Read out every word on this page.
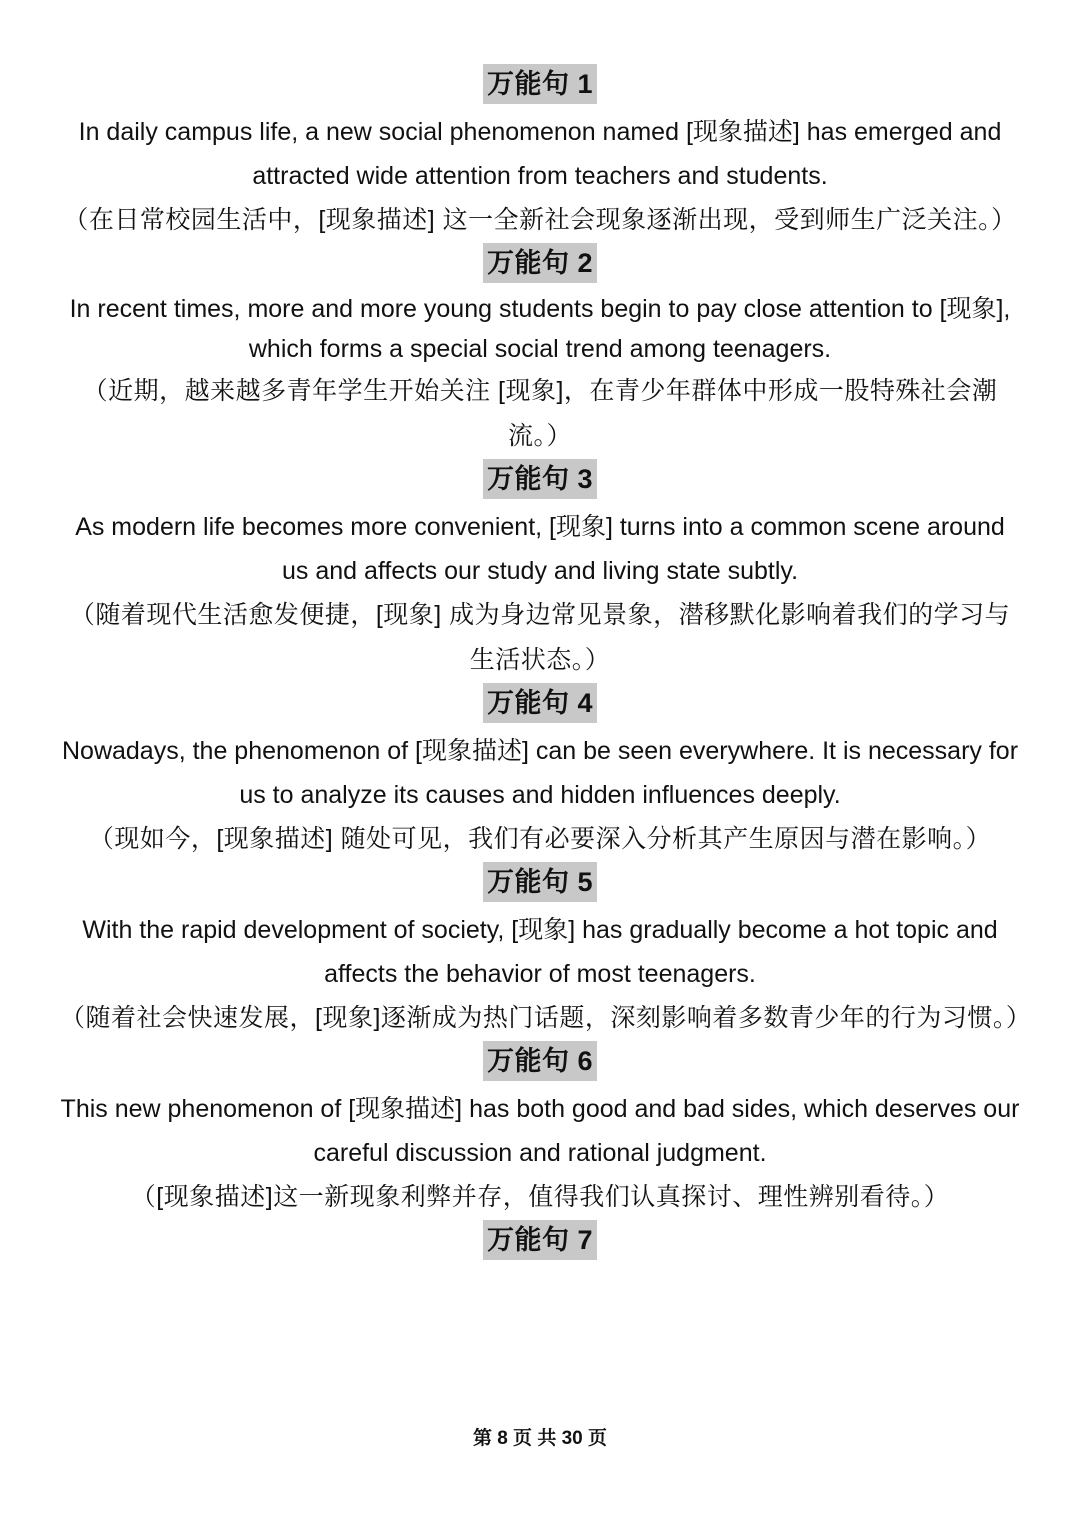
万能句 1

In daily campus life, a new social phenomenon named [现象描述] has emerged and attracted wide attention from teachers and students.

（在日常校园生活中，[现象描述] 这一全新社会现象逐渐出现，受到师生广泛关注。）

万能句 2

In recent times, more and more young students begin to pay close attention to [现象], which forms a special social trend among teenagers.

（近期，越来越多青年学生开始关注 [现象]，在青少年群体中形成一股特殊社会潮流。）

万能句 3

As modern life becomes more convenient, [现象] turns into a common scene around us and affects our study and living state subtly.

（随着现代生活愈发便捷，[现象] 成为身边常见景象，潜移默化影响着我们的学习与生活状态。）

万能句 4

Nowadays, the phenomenon of [现象描述] can be seen everywhere. It is necessary for us to analyze its causes and hidden influences deeply.

（现如今，[现象描述] 随处可见，我们有必要深入分析其产生原因与潜在影响。）

万能句 5

With the rapid development of society, [现象] has gradually become a hot topic and affects the behavior of most teenagers.

（随着社会快速发展，[现象]逐渐成为热门话题，深刻影响着多数青少年的行为习惯。）

万能句 6

This new phenomenon of [现象描述] has both good and bad sides, which deserves our careful discussion and rational judgment.

（[现象描述]这一新现象利弊并存，值得我们认真探讨、理性辨别看待。）

万能句 7
第 8 页 共 30 页
